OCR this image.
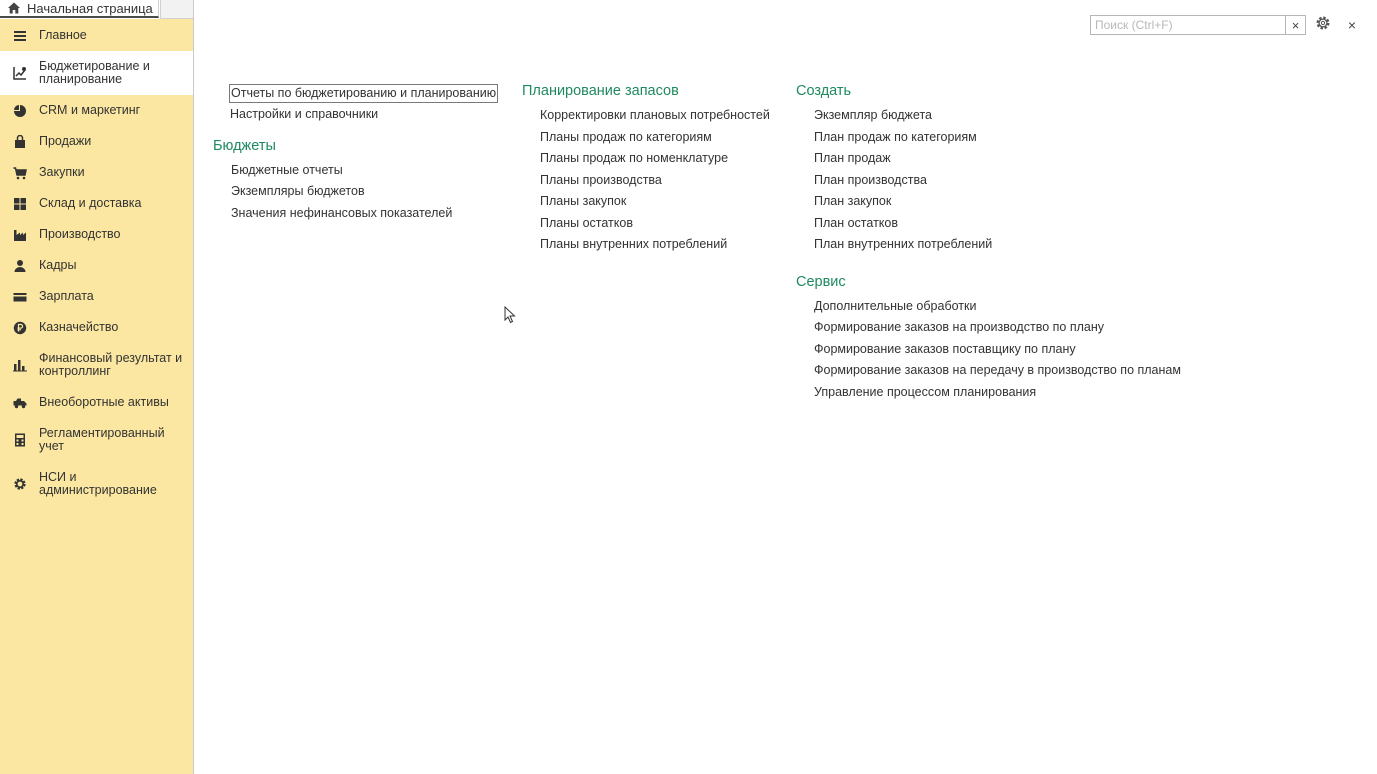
Начальная страница
Главное
Бюджетирование и планирование
CRM и маркетинг
Продажи
Закупки
Склад и доставка
Производство
Кадры
Зарплата
Казначейство
Финансовый результат и контроллинг
Внеоборотные активы
Регламентированный учет
НСИ и администрирование
Поиск (Ctrl+F)
×	×
Отчеты по бюджетированию и планированию
Настройки и справочники
Бюджеты
Бюджетные отчеты
Экземпляры бюджетов
Значения нефинансовых показателей
Планирование запасов
Корректировки плановых потребностей
Планы продаж по категориям
Планы продаж по номенклатуре
Планы производства
Планы закупок
Планы остатков
Планы внутренних потреблений
Создать
Экземпляр бюджета
План продаж по категориям
План продаж
План производства
План закупок
План остатков
План внутренних потреблений
Сервис
Дополнительные обработки
Формирование заказов на производство по плану
Формирование заказов поставщику по плану
Формирование заказов на передачу в производство по планам
Управление процессом планирования
